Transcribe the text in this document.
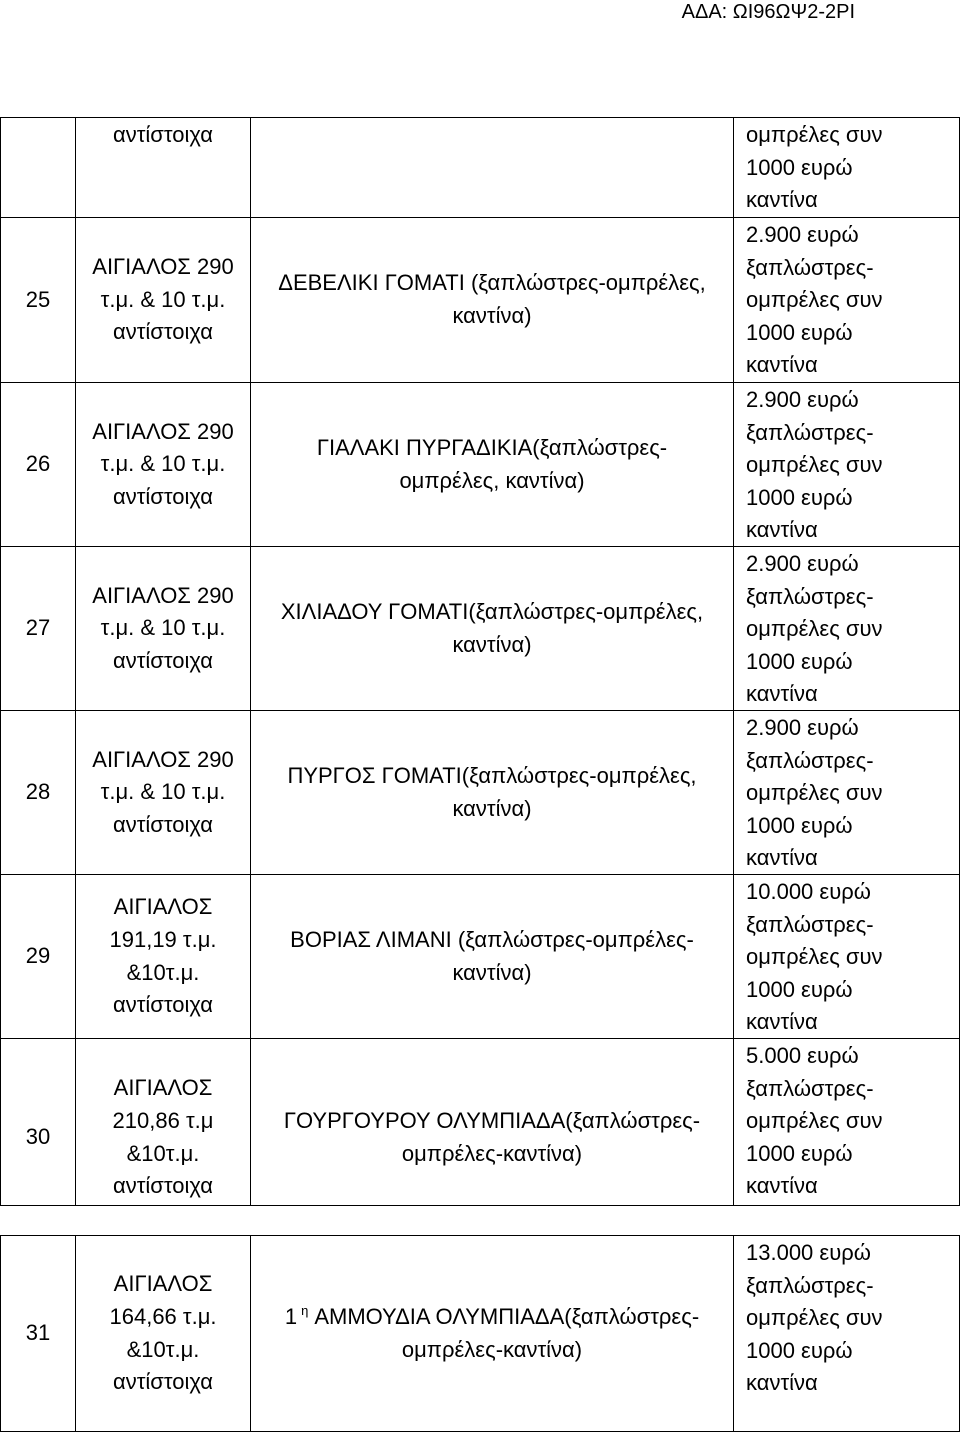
ΑΔΑ: ΩΙ96ΩΨ2-2ΡΙ
αντίστοιχα	ομπρέλες συν
1000 ευρώ
καντίνα
25
ΑΙΓΙΑΛΟΣ 290
τ.μ. & 10 τ.μ.
αντίστοιχα
ΔΕΒΕΛΙΚΙ ΓΟΜΑΤΙ (ξαπλώστρες-ομπρέλες,
καντίνα)
2.900 ευρώ
ξαπλώστρες-
ομπρέλες συν
1000 ευρώ
καντίνα
26
ΑΙΓΙΑΛΟΣ 290
τ.μ. & 10 τ.μ.
αντίστοιχα
ΓΙΑΛΑΚΙ ΠΥΡΓΑΔΙΚΙΑ(ξαπλώστρες-
ομπρέλες, καντίνα)
2.900 ευρώ
ξαπλώστρες-
ομπρέλες συν
1000 ευρώ
καντίνα
27
ΑΙΓΙΑΛΟΣ 290
τ.μ. & 10 τ.μ.
αντίστοιχα
ΧΙΛΙΑΔΟΥ ΓΟΜΑΤΙ(ξαπλώστρες-ομπρέλες,
καντίνα)
2.900 ευρώ
ξαπλώστρες-
ομπρέλες συν
1000 ευρώ
καντίνα
28
ΑΙΓΙΑΛΟΣ 290
τ.μ. & 10 τ.μ.
αντίστοιχα
ΠΥΡΓΟΣ ΓΟΜΑΤΙ(ξαπλώστρες-ομπρέλες,
καντίνα)
2.900 ευρώ
ξαπλώστρες-
ομπρέλες συν
1000 ευρώ
καντίνα
29
ΑΙΓΙΑΛΟΣ
191,19 τ.μ.
&10τ.μ.
αντίστοιχα
ΒΟΡΙΑΣ ΛΙΜΑΝΙ (ξαπλώστρες-ομπρέλες-
καντίνα)
10.000 ευρώ
ξαπλώστρες-
ομπρέλες συν
1000 ευρώ
καντίνα
30
ΑΙΓΙΑΛΟΣ
210,86 τ.μ
&10τ.μ.
αντίστοιχα
ΓΟΥΡΓΟΥΡΟΥ ΟΛΥΜΠΙΑΔΑ(ξαπλώστρες-
ομπρέλες-καντίνα)
5.000 ευρώ
ξαπλώστρες-
ομπρέλες συν
1000 ευρώ
καντίνα
31
ΑΙΓΙΑΛΟΣ
164,66 τ.μ.
&10τ.μ.
αντίστοιχα
1 $^\eta$ ΑΜΜΟΥΔΙΑ ΟΛΥΜΠΙΑΔΑ(ξαπλώστρες-
ομπρέλες-καντίνα)
13.000 ευρώ
ξαπλώστρες-
ομπρέλες συν
1000 ευρώ
καντίνα
